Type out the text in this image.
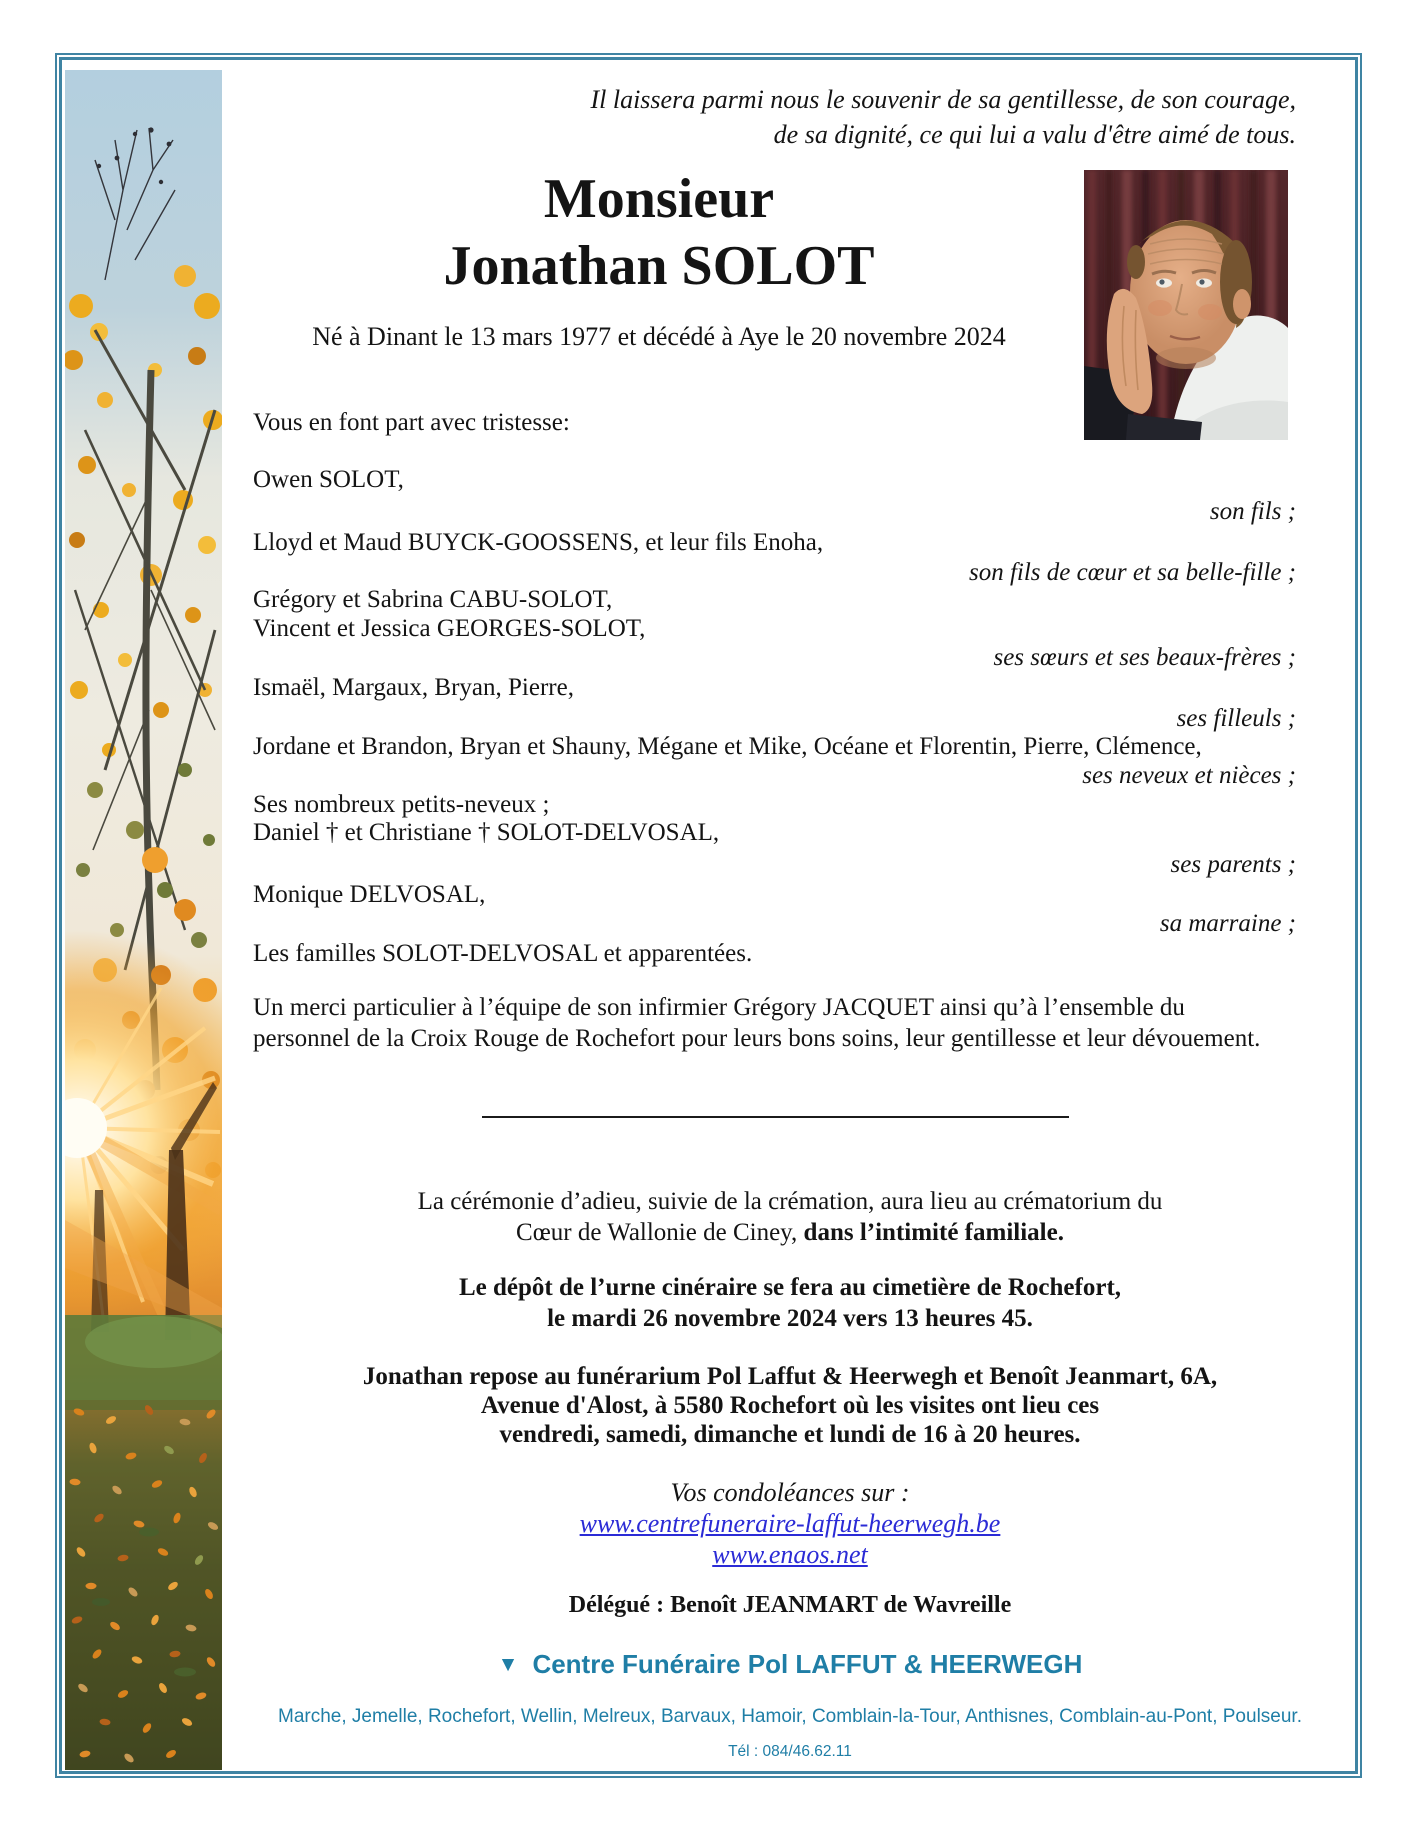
Il laissera parmi nous le souvenir de sa gentillesse, de son courage,
de sa dignité, ce qui lui a valu d'être aimé de tous.
Monsieur
Jonathan SOLOT
Né à Dinant le 13 mars 1977 et décédé à Aye le 20 novembre 2024
Vous en font part avec tristesse:
Owen SOLOT,
son fils ;
Lloyd et Maud BUYCK-GOOSSENS, et leur fils Enoha,
son fils de cœur et sa belle-fille ;
Grégory et Sabrina CABU-SOLOT,
Vincent et Jessica GEORGES-SOLOT,
ses sœurs et ses beaux-frères ;
Ismaël, Margaux, Bryan, Pierre,
ses filleuls ;
Jordane et Brandon, Bryan et Shauny, Mégane et Mike, Océane et Florentin, Pierre, Clémence,
ses neveux et nièces ;
Ses nombreux petits-neveux ;
Daniel † et Christiane † SOLOT-DELVOSAL,
ses parents ;
Monique DELVOSAL,
sa marraine ;
Les familles SOLOT-DELVOSAL et apparentées.
Un merci particulier à l’équipe de son infirmier Grégory JACQUET ainsi qu’à l’ensemble du
personnel de la Croix Rouge de Rochefort pour leurs bons soins, leur gentillesse et leur dévouement.
La cérémonie d’adieu, suivie de la crémation, aura lieu au crématorium du
Cœur de Wallonie de Ciney, dans l’intimité familiale.
Le dépôt de l’urne cinéraire se fera au cimetière de Rochefort,
le mardi 26 novembre 2024 vers 13 heures 45.
Jonathan repose au funérarium Pol Laffut & Heerwegh et Benoît Jeanmart, 6A,
Avenue d'Alost, à 5580 Rochefort où les visites ont lieu ces
vendredi, samedi, dimanche et lundi de 16 à 20 heures.
Vos condoléances sur :
www.centrefuneraire-laffut-heerwegh.be
www.enaos.net
Délégué : Benoît JEANMART de Wavreille
▼ Centre Funéraire Pol LAFFUT & HEERWEGH
Marche, Jemelle, Rochefort, Wellin, Melreux, Barvaux, Hamoir, Comblain-la-Tour, Anthisnes, Comblain-au-Pont, Poulseur.
Tél : 084/46.62.11
